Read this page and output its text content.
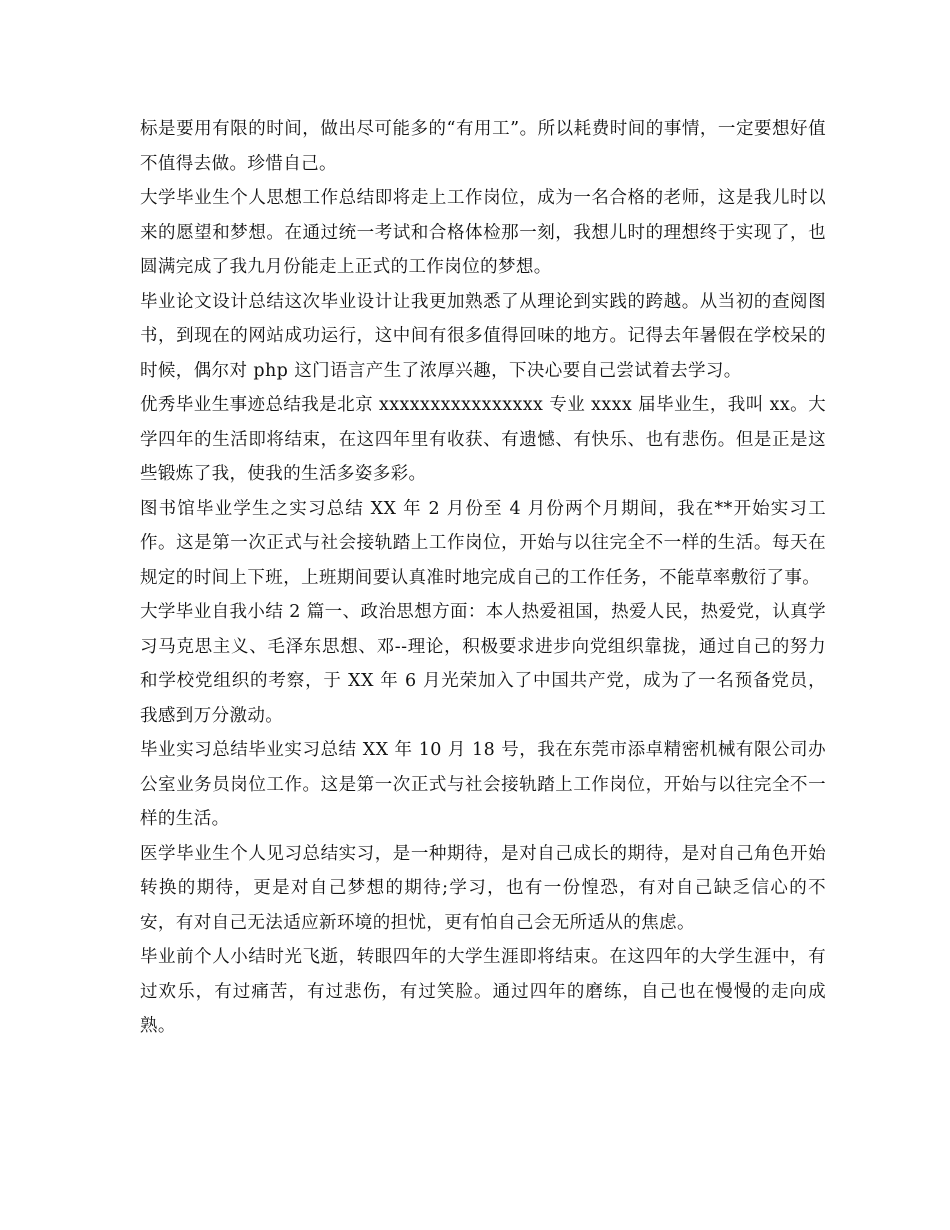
标是要用有限的时间，做出尽可能多的“有用工”。所以耗费时间的事情，一定要想好值不值得去做。珍惜自己。

大学毕业生个人思想工作总结即将走上工作岗位，成为一名合格的老师，这是我儿时以来的愿望和梦想。在通过统一考试和合格体检那一刻，我想儿时的理想终于实现了，也圆满完成了我九月份能走上正式的工作岗位的梦想。

毕业论文设计总结这次毕业设计让我更加熟悉了从理论到实践的跨越。从当初的查阅图书，到现在的网站成功运行，这中间有很多值得回味的地方。记得去年暑假在学校呆的时候，偶尔对 php 这门语言产生了浓厚兴趣，下决心要自己尝试着去学习。

优秀毕业生事迹总结我是北京 xxxxxxxxxxxxxxxx 专业 xxxx 届毕业生，我叫 xx。大学四年的生活即将结束，在这四年里有收获、有遗憾、有快乐、也有悲伤。但是正是这些锻炼了我，使我的生活多姿多彩。

图书馆毕业学生之实习总结 XX 年 2 月份至 4 月份两个月期间，我在**开始实习工作。这是第一次正式与社会接轨踏上工作岗位，开始与以往完全不一样的生活。每天在规定的时间上下班，上班期间要认真准时地完成自己的工作任务，不能草率敷衍了事。

大学毕业自我小结 2 篇一、政治思想方面：本人热爱祖国，热爱人民，热爱党，认真学习马克思主义、毛泽东思想、邓--理论，积极要求进步向党组织靠拢，通过自己的努力和学校党组织的考察，于 XX 年 6 月光荣加入了中国共产党，成为了一名预备党员，我感到万分激动。

毕业实习总结毕业实习总结 XX 年 10 月 18 号，我在东莞市添卓精密机械有限公司办公室业务员岗位工作。这是第一次正式与社会接轨踏上工作岗位，开始与以往完全不一样的生活。

医学毕业生个人见习总结实习，是一种期待，是对自己成长的期待，是对自己角色开始转换的期待，更是对自己梦想的期待;学习，也有一份惶恐，有对自己缺乏信心的不安，有对自己无法适应新环境的担忧，更有怕自己会无所适从的焦虑。

毕业前个人小结时光飞逝，转眼四年的大学生涯即将结束。在这四年的大学生涯中，有过欢乐，有过痛苦，有过悲伤，有过笑脸。通过四年的磨练，自己也在慢慢的走向成熟。
